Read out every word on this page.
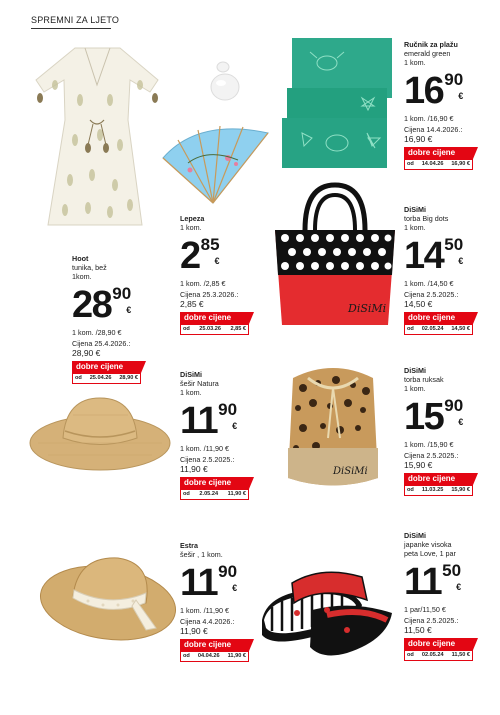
SPREMNI ZA LJETO
DiSiMi
DiSiMi
Hoot
tunika, bež
1kom.
28 90
€
1 kom. /28,90 €
Cijena 25.4.2026.:
28,90 €
dobre cijene
od 25.04.26 28,90 €
Lepeza
1 kom.
2 85
€
1 kom. /2,85 €
Cijena 25.3.2026.:
2,85 €
dobre cijene
od 25.03.26 2,85 €
Ručnik za plažu
emerald green
1 kom.
16 90
€
1 kom. /16,90 €
Cijena 14.4.2026.:
16,90 €
dobre cijene
od 14.04.26 16,90 €
DiSiMi
torba Big dots
1 kom.
14 50
€
1 kom. /14,50 €
Cijena 2.5.2025.:
14,50 €
dobre cijene
od 02.05.24 14,50 €
DiSiMi
šešir Natura
1 kom.
11 90
€
1 kom. /11,90 €
Cijena 2.5.2025.:
11,90 €
dobre cijene
od 2.05.24 11,90 €
DiSiMi
torba ruksak
1 kom.
15 90
€
1 kom. /15,90 €
Cijena 2.5.2025.:
15,90 €
dobre cijene
od 11.03.25 15,90 €
Estra
šešir , 1 kom.
11 90
€
1 kom. /11,90 €
Cijena 4.4.2026.:
11,90 €
dobre cijene
od 04.04.26 11,90 €
DiSiMi
japanke visoka
peta Love, 1 par
11 50
€
1 par/11,50 €
Cijena 2.5.2025.:
11,50 €
dobre cijene
od 02.05.24 11,50 €
